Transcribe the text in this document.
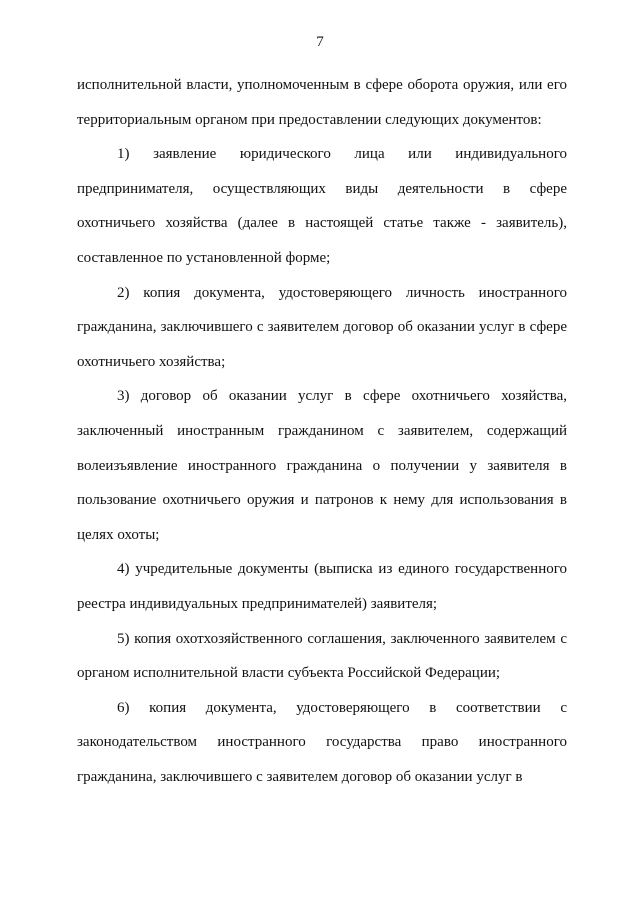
7

исполнительной власти, уполномоченным в сфере оборота оружия, или его территориальным органом при предоставлении следующих документов:

1) заявление юридического лица или индивидуального предпринимателя, осуществляющих виды деятельности в сфере охотничьего хозяйства (далее в настоящей статье также - заявитель), составленное по установленной форме;

2) копия документа, удостоверяющего личность иностранного гражданина, заключившего с заявителем договор об оказании услуг в сфере охотничьего хозяйства;

3) договор об оказании услуг в сфере охотничьего хозяйства, заключенный иностранным гражданином с заявителем, содержащий волеизъявление иностранного гражданина о получении у заявителя в пользование охотничьего оружия и патронов к нему для использования в целях охоты;

4) учредительные документы (выписка из единого государственного реестра индивидуальных предпринимателей) заявителя;

5) копия охотхозяйственного соглашения, заключенного заявителем с органом исполнительной власти субъекта Российской Федерации;

6) копия документа, удостоверяющего в соответствии с законодательством иностранного государства право иностранного гражданина, заключившего с заявителем договор об оказании услуг в
